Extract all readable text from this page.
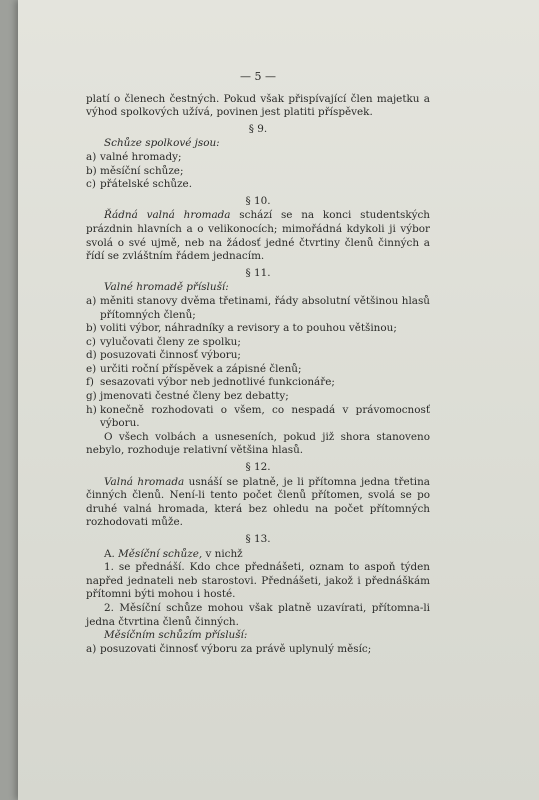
— 5 —
platí o členech čestných. Pokud však přispívající člen majetku a výhod spolkových užívá, povinen jest platiti příspěvek.
§ 9.
Schůze spolkové jsou:
a) valné hromady;
b) měsíční schůze;
c) přátelské schůze.
§ 10.
Řádná valná hromada schází se na konci studentských prázdnin hlavních a o velikonocích; mimořádná kdykoli ji výbor svolá o své ujmě, neb na žádosť jedné čtvrtiny členů činných a řídí se zvláštním řádem jednacím.
§ 11.
Valné hromadě přísluší:
a) měniti stanovy dvěma třetinami, řády absolutní většinou hlasů přítomných členů;
b) voliti výbor, náhradníky a revisory a to pouhou většinou;
c) vylučovati členy ze spolku;
d) posuzovati činnosť výboru;
e) určiti roční příspěvek a zápisné členů;
f) sesazovati výbor neb jednotlivé funkcionáře;
g) jmenovati čestné členy bez debatty;
h) konečně rozhodovati o všem, co nespadá v právomocnosť výboru.
O všech volbách a usneseních, pokud již shora stanoveno nebylo, rozhoduje relativní většina hlasů.
§ 12.
Valná hromada usnáší se platně, je li přítomna jedna třetina činných členů. Není-li tento počet členů přítomen, svolá se po druhé valná hromada, která bez ohledu na počet přítomných rozhodovati může.
§ 13.
A. Měsíční schůze, v nichž
1. se přednáší. Kdo chce přednášeti, oznam to aspoň týden napřed jednateli neb starostovi. Přednášeti, jakož i přednáškám přítomni býti mohou i hosté.
2. Měsíční schůze mohou však platně uzavírati, přítomna-li jedna čtvrtina členů činných.
Měsíčním schůzím přísluší:
a) posuzovati činnosť výboru za právě uplynulý měsíc;
